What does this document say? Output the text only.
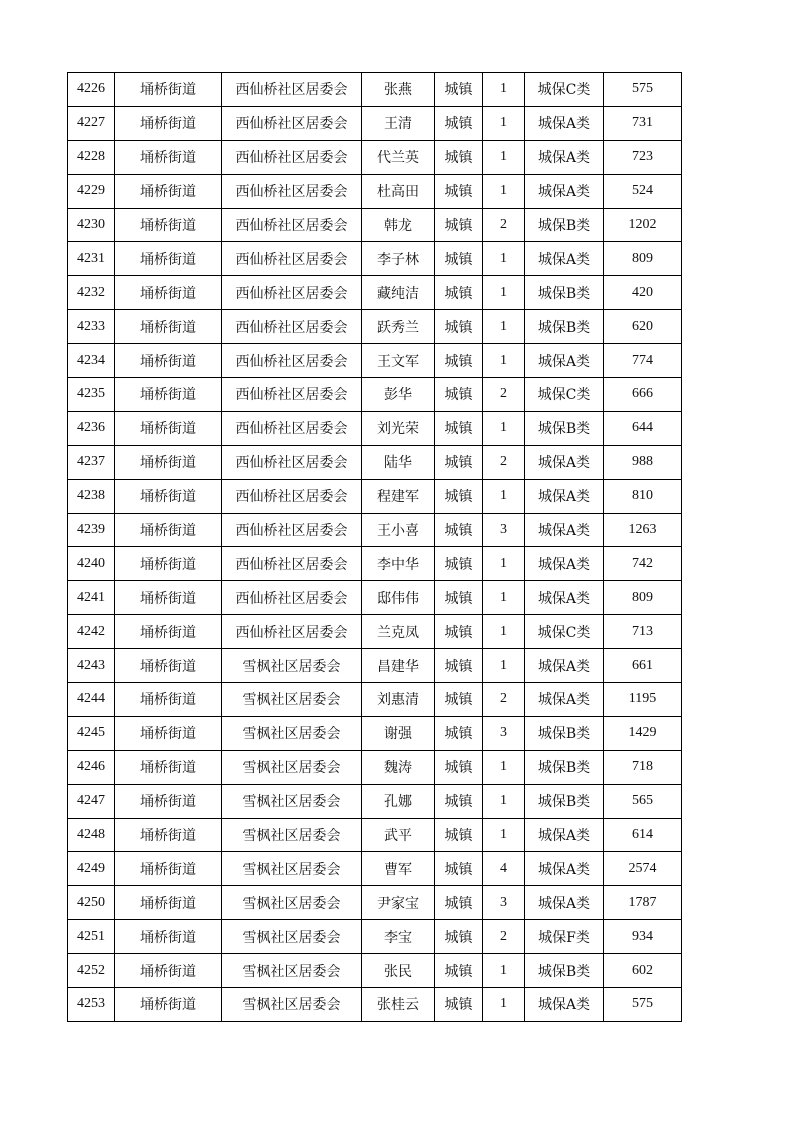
4226	埇桥街道	西仙桥社区居委会	张燕	城镇	1	城保C类	575
4227	埇桥街道	西仙桥社区居委会	王清	城镇	1	城保A类	731
4228	埇桥街道	西仙桥社区居委会	代兰英	城镇	1	城保A类	723
4229	埇桥街道	西仙桥社区居委会	杜高田	城镇	1	城保A类	524
4230	埇桥街道	西仙桥社区居委会	韩龙	城镇	2	城保B类	1202
4231	埇桥街道	西仙桥社区居委会	李子林	城镇	1	城保A类	809
4232	埇桥街道	西仙桥社区居委会	藏纯洁	城镇	1	城保B类	420
4233	埇桥街道	西仙桥社区居委会	跃秀兰	城镇	1	城保B类	620
4234	埇桥街道	西仙桥社区居委会	王文军	城镇	1	城保A类	774
4235	埇桥街道	西仙桥社区居委会	彭华	城镇	2	城保C类	666
4236	埇桥街道	西仙桥社区居委会	刘光荣	城镇	1	城保B类	644
4237	埇桥街道	西仙桥社区居委会	陆华	城镇	2	城保A类	988
4238	埇桥街道	西仙桥社区居委会	程建军	城镇	1	城保A类	810
4239	埇桥街道	西仙桥社区居委会	王小喜	城镇	3	城保A类	1263
4240	埇桥街道	西仙桥社区居委会	李中华	城镇	1	城保A类	742
4241	埇桥街道	西仙桥社区居委会	邸伟伟	城镇	1	城保A类	809
4242	埇桥街道	西仙桥社区居委会	兰克凤	城镇	1	城保C类	713
4243	埇桥街道	雪枫社区居委会	昌建华	城镇	1	城保A类	661
4244	埇桥街道	雪枫社区居委会	刘惠清	城镇	2	城保A类	1195
4245	埇桥街道	雪枫社区居委会	谢强	城镇	3	城保B类	1429
4246	埇桥街道	雪枫社区居委会	魏涛	城镇	1	城保B类	718
4247	埇桥街道	雪枫社区居委会	孔娜	城镇	1	城保B类	565
4248	埇桥街道	雪枫社区居委会	武平	城镇	1	城保A类	614
4249	埇桥街道	雪枫社区居委会	曹军	城镇	4	城保A类	2574
4250	埇桥街道	雪枫社区居委会	尹家宝	城镇	3	城保A类	1787
4251	埇桥街道	雪枫社区居委会	李宝	城镇	2	城保F类	934
4252	埇桥街道	雪枫社区居委会	张民	城镇	1	城保B类	602
4253	埇桥街道	雪枫社区居委会	张桂云	城镇	1	城保A类	575
